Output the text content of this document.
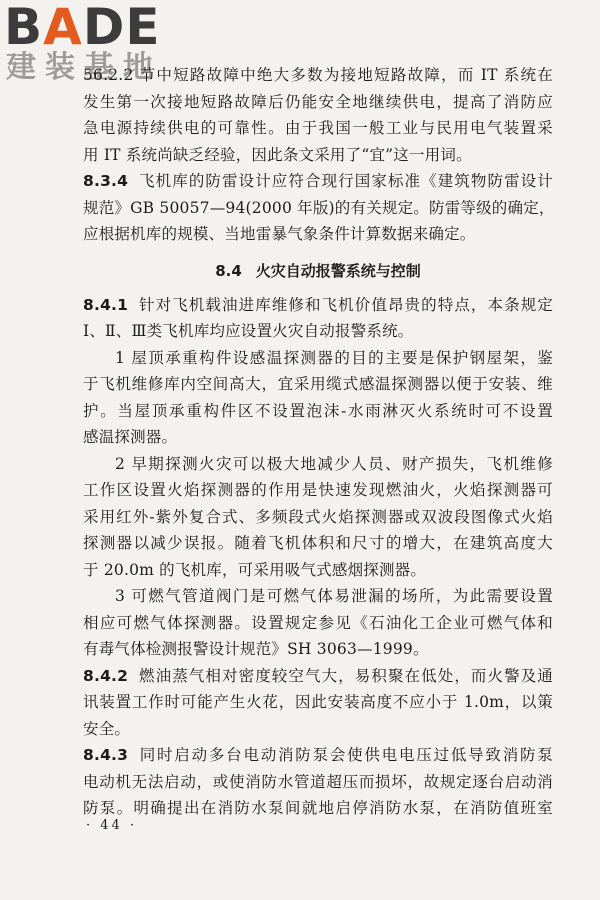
BADE
建装基地
56.2.2 节中短路故障中绝大多数为接地短路故障，而 IT 系统在
发生第一次接地短路故障后仍能安全地继续供电，提高了消防应
急电源持续供电的可靠性。由于我国一般工业与民用电气装置采
用 IT 系统尚缺乏经验，因此条文采用了“宜”这一用词。
8.3.4 飞机库的防雷设计应符合现行国家标准《建筑物防雷设计
规范》GB 50057—94(2000 年版)的有关规定。防雷等级的确定，
应根据机库的规模、当地雷暴气象条件计算数据来确定。
8.4 火灾自动报警系统与控制
8.4.1 针对飞机载油进库维修和飞机价值昂贵的特点，本条规定
Ⅰ、Ⅱ、Ⅲ类飞机库均应设置火灾自动报警系统。
1 屋顶承重构件设感温探测器的目的主要是保护钢屋架，鉴
于飞机维修库内空间高大，宜采用缆式感温探测器以便于安装、维
护。当屋顶承重构件区不设置泡沫-水雨淋灭火系统时可不设置
感温探测器。
2 早期探测火灾可以极大地减少人员、财产损失，飞机维修
工作区设置火焰探测器的作用是快速发现燃油火，火焰探测器可
采用红外-紫外复合式、多频段式火焰探测器或双波段图像式火焰
探测器以减少误报。随着飞机体积和尺寸的增大，在建筑高度大
于 20.0m 的飞机库，可采用吸气式感烟探测器。
3 可燃气管道阀门是可燃气体易泄漏的场所，为此需要设置
相应可燃气体探测器。设置规定参见《石油化工企业可燃气体和
有毒气体检测报警设计规范》SH 3063—1999。
8.4.2 燃油蒸气相对密度较空气大，易积聚在低处，而火警及通
讯装置工作时可能产生火花，因此安装高度不应小于 1.0m，以策
安全。
8.4.3 同时启动多台电动消防泵会使供电电压过低导致消防泵
电动机无法启动，或使消防水管道超压而损坏，故规定逐台启动消
防泵。明确提出在消防水泵间就地启停消防水泵，在消防值班室
· 44 ·
